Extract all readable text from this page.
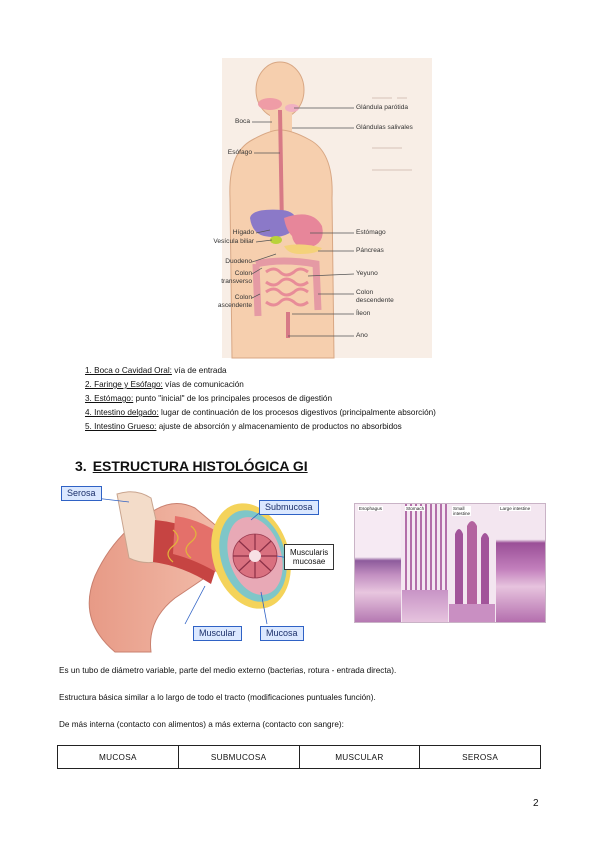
Boca
Esófago
Hígado
Vesícula biliar
Duodeno
Colon
transverso
Colon
ascendente
Glándula parótida
Glándulas salivales
Estómago
Páncreas
Yeyuno
Colon
descendente
Íleon
Ano
1. Boca o Cavidad Oral: vía de entrada
2. Faringe y Esófago: vías de comunicación
3. Estómago: punto "inicial" de los principales procesos de digestión
4. Intestino delgado: lugar de continuación de los procesos digestivos (principalmente absorción)
5. Intestino Grueso: ajuste de absorción y almacenamiento de productos no absorbidos
3. ESTRUCTURA HISTOLÓGICA GI
Serosa
Submucosa
Muscularis
mucosae
Muscular	Mucosa
Esophagus	Stomach	Small
intestine
Large intestine
Es un tubo de diámetro variable, parte del medio externo (bacterias, rotura - entrada directa).
Estructura básica similar a lo largo de todo el tracto (modificaciones puntuales función).
De más interna (contacto con alimentos) a más externa (contacto con sangre):
MUCOSA	SUBMUCOSA	MUSCULAR	SEROSA
2
